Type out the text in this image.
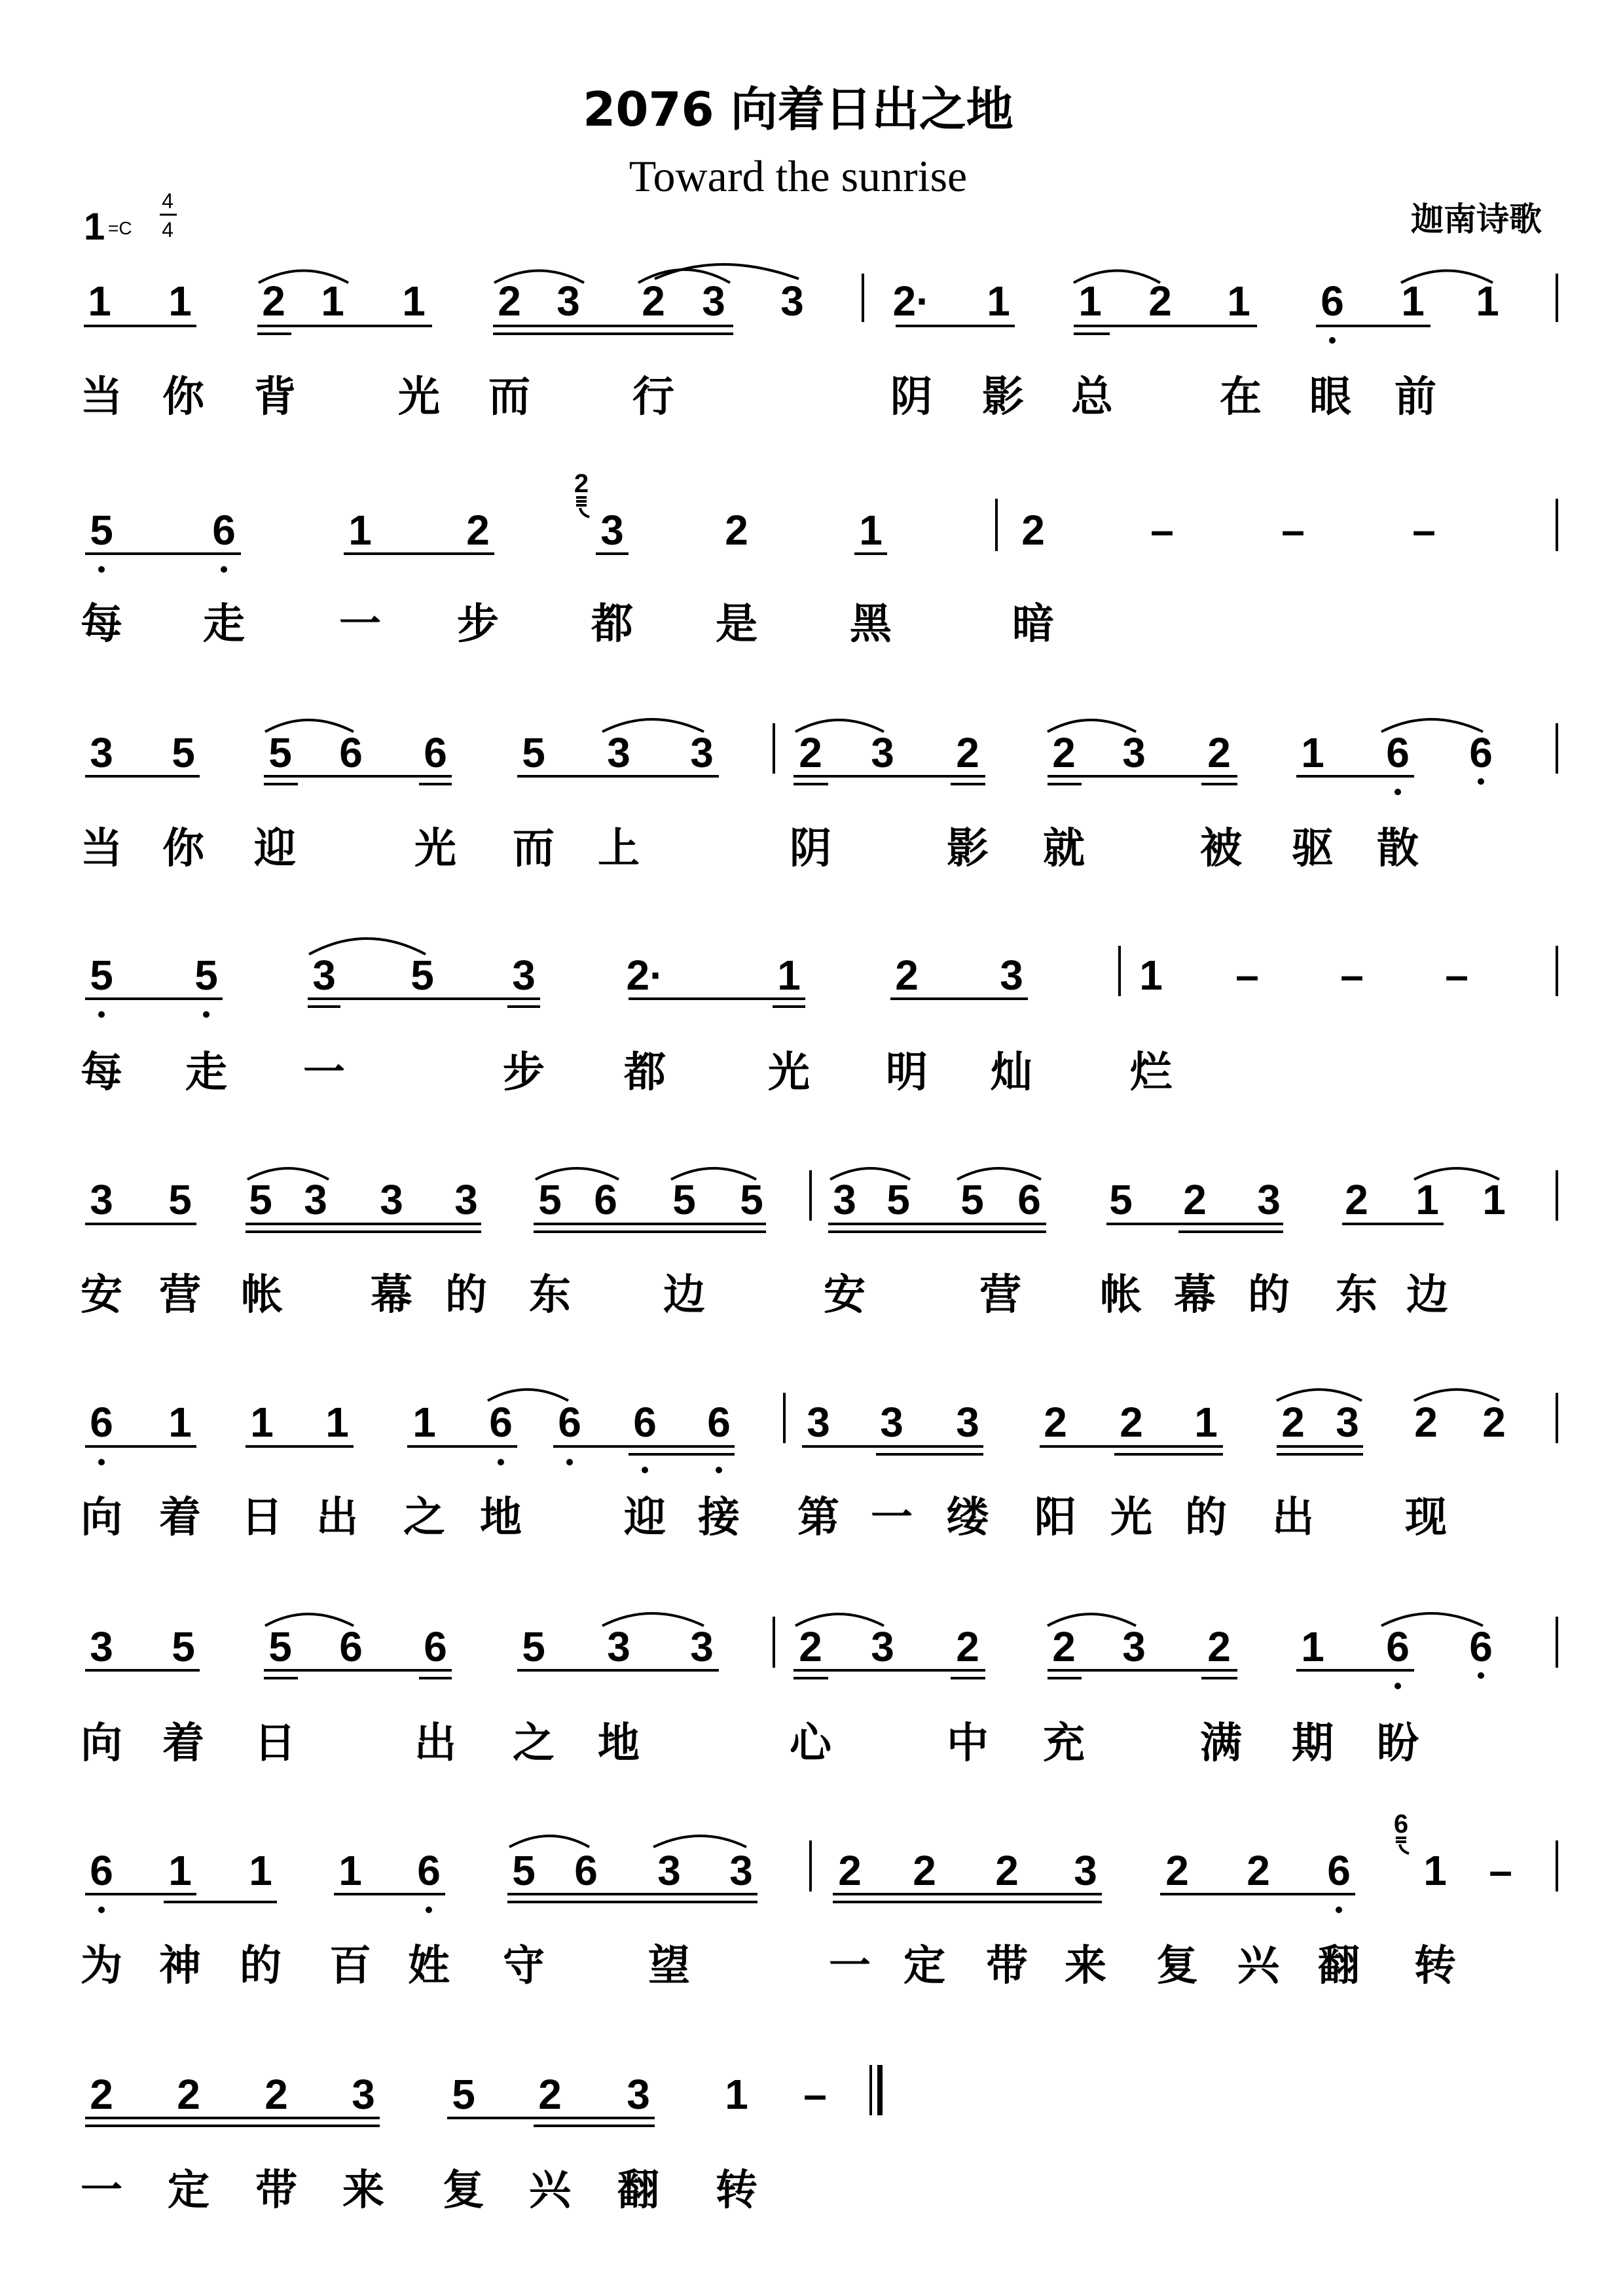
2076 向着日出之地
Toward the sunrise
迦南诗歌
1 =C
4
4
1 1 2 1 1 2 3 2 3 3 2· 1 1 2 1 6 1 1
当 你 背 光 而 行	阴 影 总	在 眼 前
5 6	1 2
2
3 2	1	2	–	–	–
每 走 一 步 都 是 黑	暗
3 5 5 6 6 5 3 3 2 3 2 2 3 2 1 6 6
当 你 迎	光 而 上	阴	影 就	被 驱 散
5 5 3 5 3 2·	1 2 3	1 – – –
每 走 一	步 都 光 明 灿 烂
3 5 5 3 3 3 5 6 5 5 3 5 5 6 5 2 3 2 1 1
安 营 帐 幕 的 东 边	安	营 帐 幕 的 东 边
6 1 1 1 1 6 6 6 6 3 3 3 2 2 1 2 3 2 2
向 着 日 出 之 地 迎 接 第 一 缕 阳 光 的 出 现
3 5 5 6 6 5 3 3 2 3 2 2 3 2 1 6 6
向 着 日	出 之 地	心	中 充	满 期 盼
6 1 1 1 6 5 6 3 3 2 2 2 3 2 2 6
6
1 –
为 神 的 百 姓 守 望	一 定 带 来 复 兴 翻 转
2 2 2 3 5 2 3 1 –
一 定 带 来 复 兴 翻 转
